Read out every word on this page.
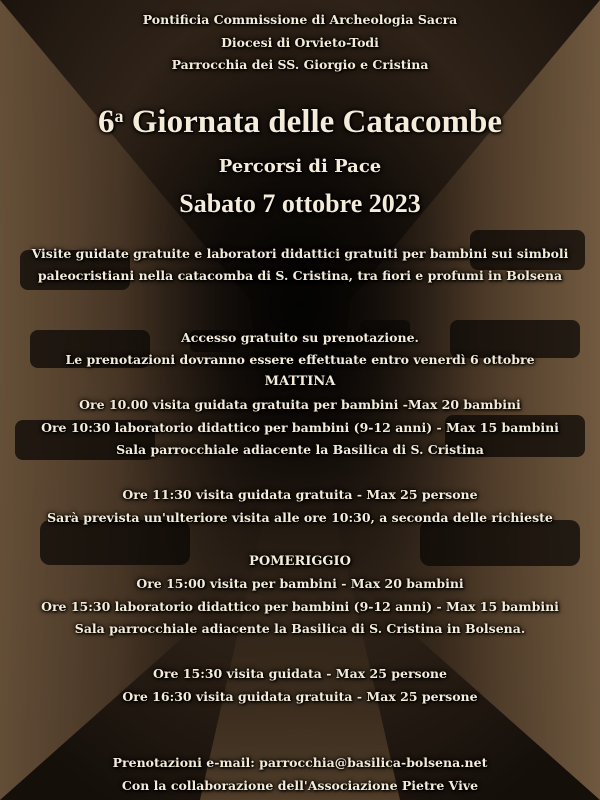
Pontificia Commissione di Archeologia Sacra
Diocesi di Orvieto-Todi
Parrocchia dei SS. Giorgio e Cristina
6$^a$ Giornata delle Catacombe
Percorsi di Pace
Sabato 7 ottobre 2023
Visite guidate gratuite e laboratori didattici gratuiti per bambini sui simboli
paleocristiani nella catacomba di S. Cristina, tra fiori e profumi in Bolsena
Accesso gratuito su prenotazione.
Le prenotazioni dovranno essere effettuate entro venerdì 6 ottobre
MATTINA
Ore 10.00 visita guidata gratuita per bambini -Max 20 bambini
Ore 10:30 laboratorio didattico per bambini (9-12 anni) - Max 15 bambini
Sala parrocchiale adiacente la Basilica di S. Cristina
Ore 11:30 visita guidata gratuita - Max 25 persone
Sarà prevista un'ulteriore visita alle ore 10:30, a seconda delle richieste
POMERIGGIO
Ore 15:00 visita per bambini - Max 20 bambini
Ore 15:30 laboratorio didattico per bambini (9-12 anni) - Max 15 bambini
Sala parrocchiale adiacente la Basilica di S. Cristina in Bolsena.
Ore 15:30 visita guidata - Max 25 persone
Ore 16:30 visita guidata gratuita - Max 25 persone
Prenotazioni e-mail: parrocchia@basilica-bolsena.net
Con la collaborazione dell'Associazione Pietre Vive
